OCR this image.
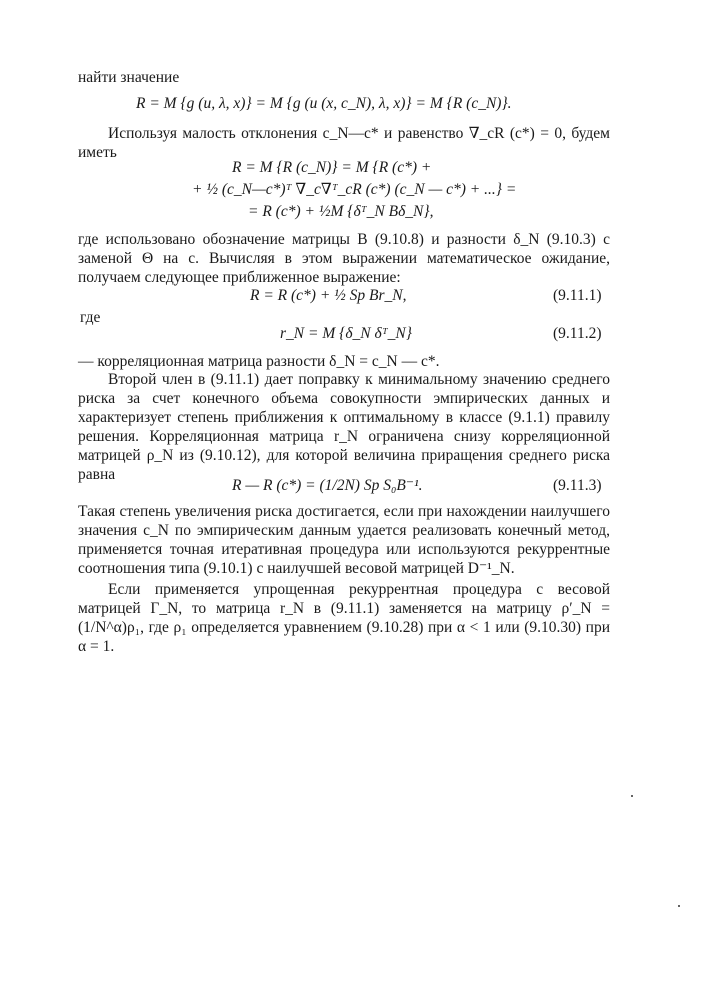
найти значение
R = M {g (u, λ, x)} = M {g (u (x, c_N), λ, x)} = M {R (c_N)}.
Используя малость отклонения c_N—c* и равенство ∇_cR (c*) = 0, будем иметь
R = M {R (c_N)} = M {R (c*) +
+ ½ (c_N—c*)ᵀ ∇_c∇ᵀ_cR (c*) (c_N — c*) + ...} =
= R (c*) + ½M {δᵀ_N Bδ_N},
где использовано обозначение матрицы B (9.10.8) и разности δ_N (9.10.3) с заменой Θ на c. Вычисляя в этом выражении математическое ожидание, получаем следующее приближенное выражение:
R = R (c*) + ½ Sp Br_N,	(9.11.1)
где
r_N = M {δ_N δᵀ_N}	(9.11.2)
— корреляционная матрица разности δ_N = c_N — c*.
Второй член в (9.11.1) дает поправку к минимальному значению среднего риска за счет конечного объема совокупности эмпирических данных и характеризует степень приближения к оптимальному в классе (9.1.1) правилу решения. Корреляционная матрица r_N ограничена снизу корреляционной матрицей ρ_N из (9.10.12), для которой величина приращения среднего риска равна
R — R (c*) = (1/2N) Sp S₀B⁻¹.	(9.11.3)
Такая степень увеличения риска достигается, если при нахождении наилучшего значения c_N по эмпирическим данным удается реализовать конечный метод, применяется точная итеративная процедура или используются рекуррентные соотношения типа (9.10.1) с наилучшей весовой матрицей D⁻¹_N.
Если применяется упрощенная рекуррентная процедура с весовой матрицей Γ_N, то матрица r_N в (9.11.1) заменяется на матрицу ρ′_N = (1/N^α)ρ₁, где ρ₁ определяется уравнением (9.10.28) при α < 1 или (9.10.30) при α = 1.
